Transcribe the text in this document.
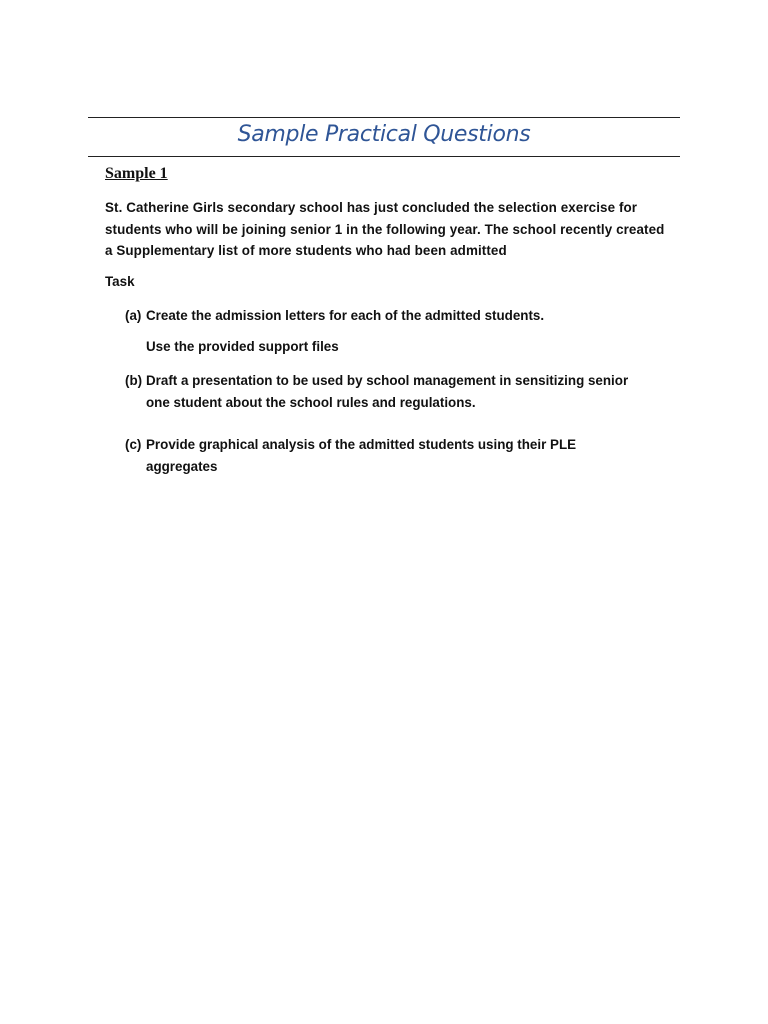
Sample Practical Questions
Sample 1

St. Catherine Girls secondary school has just concluded the selection exercise for students who will be joining senior 1 in the following year. The school recently created a Supplementary list of more students who had been admitted

Task
(a) Create the admission letters for each of the admitted students.
Use the provided support files
(b) Draft a presentation to be used by school management in sensitizing senior one student about the school rules and regulations.
(c) Provide graphical analysis of the admitted students using their PLE aggregates
